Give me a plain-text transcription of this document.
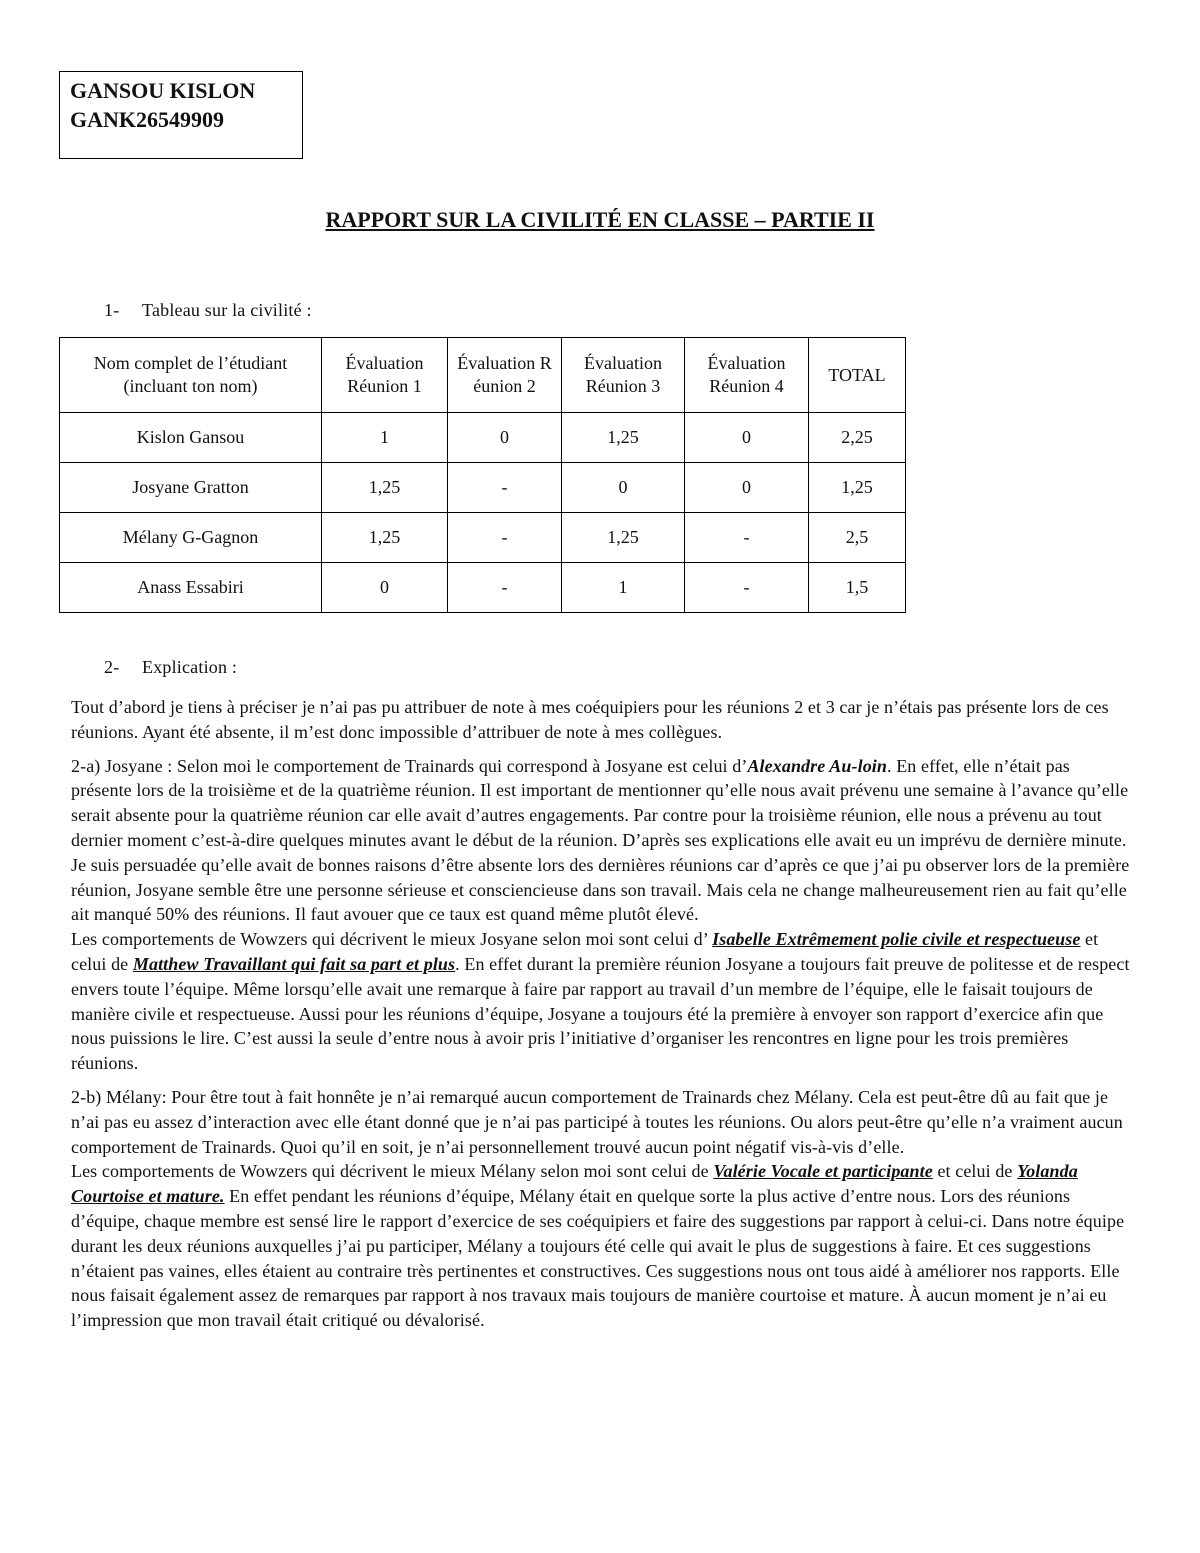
GANSOU KISLON
GANK26549909
RAPPORT SUR LA CIVILITÉ EN CLASSE – PARTIE II
1- Tableau sur la civilité :
Nom complet de l’étudiant (incluant ton nom)	Évaluation Réunion 1	Évaluation Réunion 2	Évaluation Réunion 3	Évaluation Réunion 4	TOTAL
Kislon Gansou	1	0	1,25	0	2,25
Josyane Gratton	1,25	-	0	0	1,25
Mélany G-Gagnon	1,25	-	1,25	-	2,5
Anass Essabiri	0	-	1	-	1,5
2- Explication :

Tout d’abord je tiens à préciser je n’ai pas pu attribuer de note à mes coéquipiers pour les réunions 2 et 3 car je n’étais pas présente lors de ces réunions. Ayant été absente, il m’est donc impossible d’attribuer de note à mes collègues.

2-a) Josyane : Selon moi le comportement de Trainards qui correspond à Josyane est celui d’Alexandre Au-loin. En effet, elle n’était pas présente lors de la troisième et de la quatrième réunion. Il est important de mentionner qu’elle nous avait prévenu une semaine à l’avance qu’elle serait absente pour la quatrième réunion car elle avait d’autres engagements. Par contre pour la troisième réunion, elle nous a prévenu au tout dernier moment c’est-à-dire quelques minutes avant le début de la réunion. D’après ses explications elle avait eu un imprévu de dernière minute. Je suis persuadée qu’elle avait de bonnes raisons d’être absente lors des dernières réunions car d’après ce que j’ai pu observer lors de la première réunion, Josyane semble être une personne sérieuse et consciencieuse dans son travail. Mais cela ne change malheureusement rien au fait qu’elle ait manqué 50% des réunions. Il faut avouer que ce taux est quand même plutôt élevé.
Les comportements de Wowzers qui décrivent le mieux Josyane selon moi sont celui d’ Isabelle Extrêmement polie civile et respectueuse et celui de Matthew Travaillant qui fait sa part et plus. En effet durant la première réunion Josyane a toujours fait preuve de politesse et de respect envers toute l’équipe. Même lorsqu’elle avait une remarque à faire par rapport au travail d’un membre de l’équipe, elle le faisait toujours de manière civile et respectueuse. Aussi pour les réunions d’équipe, Josyane a toujours été la première à envoyer son rapport d’exercice afin que nous puissions le lire. C’est aussi la seule d’entre nous à avoir pris l’initiative d’organiser les rencontres en ligne pour les trois premières réunions.

2-b) Mélany: Pour être tout à fait honnête je n’ai remarqué aucun comportement de Trainards chez Mélany. Cela est peut-être dû au fait que je n’ai pas eu assez d’interaction avec elle étant donné que je n’ai pas participé à toutes les réunions. Ou alors peut-être qu’elle n’a vraiment aucun comportement de Trainards. Quoi qu’il en soit, je n’ai personnellement trouvé aucun point négatif vis-à-vis d’elle.
Les comportements de Wowzers qui décrivent le mieux Mélany selon moi sont celui de Valérie Vocale et participante et celui de Yolanda Courtoise et mature. En effet pendant les réunions d’équipe, Mélany était en quelque sorte la plus active d’entre nous. Lors des réunions d’équipe, chaque membre est sensé lire le rapport d’exercice de ses coéquipiers et faire des suggestions par rapport à celui-ci. Dans notre équipe durant les deux réunions auxquelles j’ai pu participer, Mélany a toujours été celle qui avait le plus de suggestions à faire. Et ces suggestions n’étaient pas vaines, elles étaient au contraire très pertinentes et constructives. Ces suggestions nous ont tous aidé à améliorer nos rapports. Elle nous faisait également assez de remarques par rapport à nos travaux mais toujours de manière courtoise et mature. À aucun moment je n’ai eu l’impression que mon travail était critiqué ou dévalorisé.
